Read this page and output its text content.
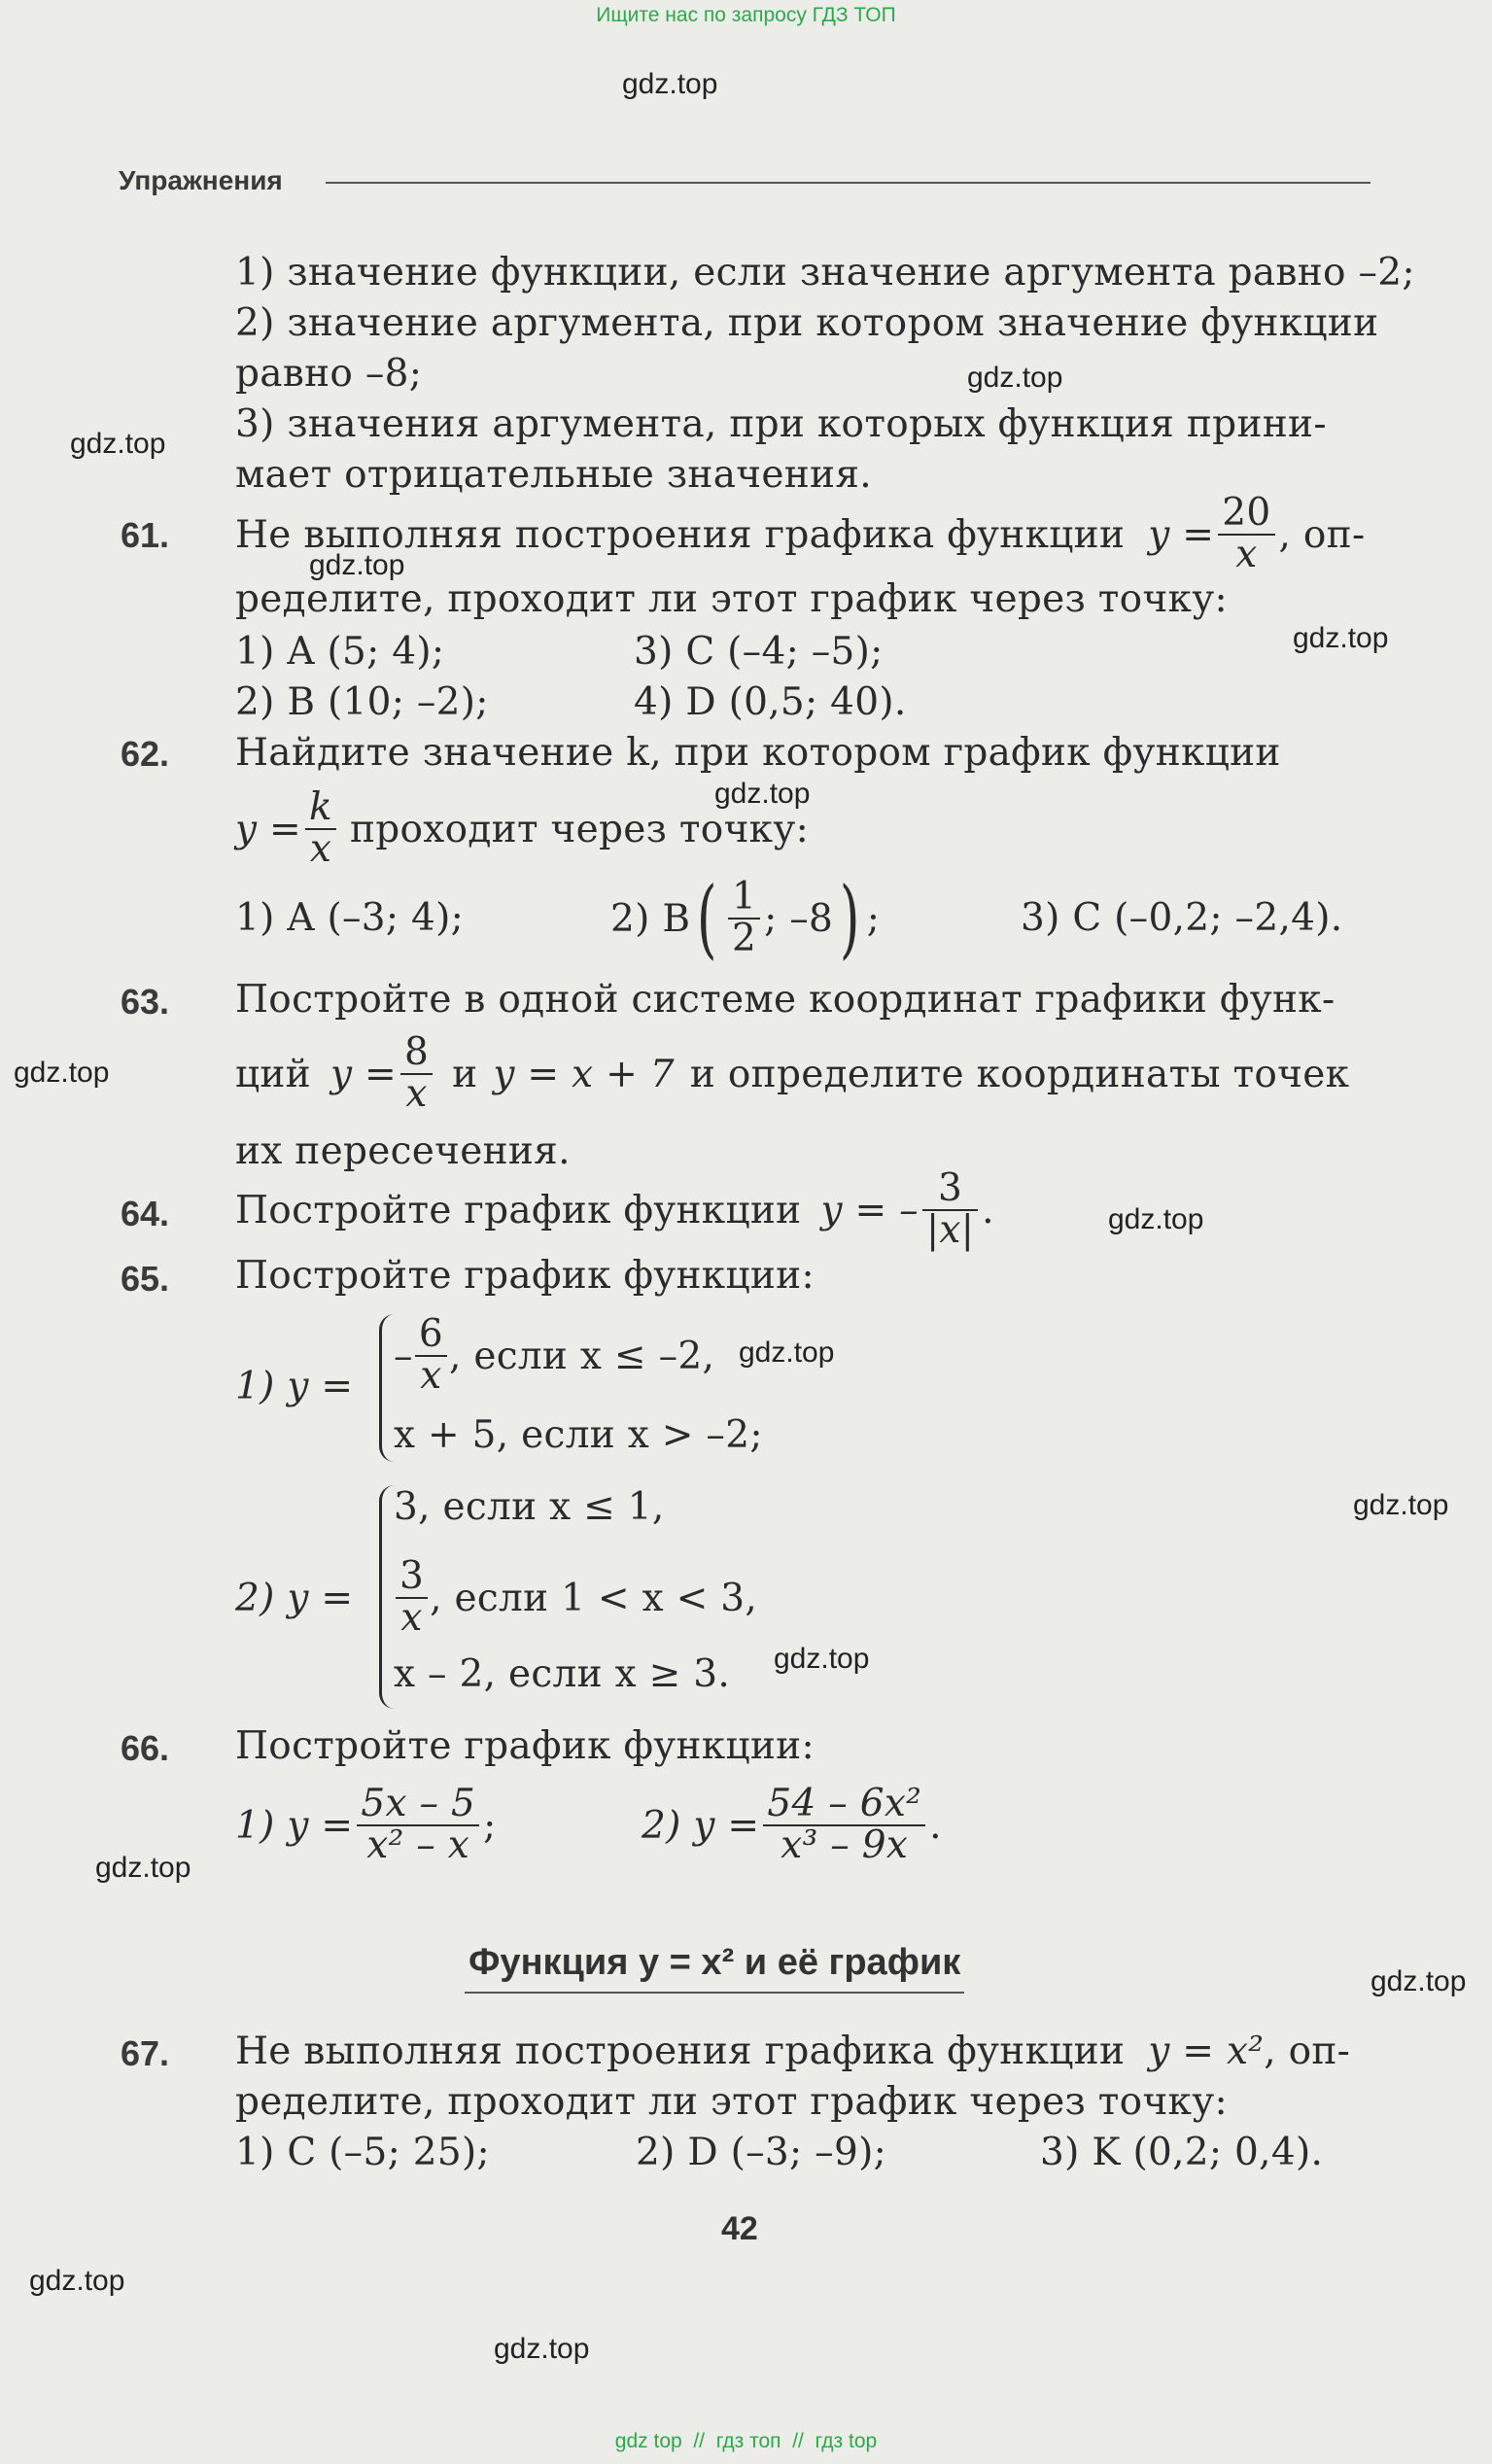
Ищите нас по запросу ГДЗ ТОП
gdz top  //  гдз топ  //  гдз top
gdz.top
gdz.top
gdz.top
gdz.top
gdz.top
gdz.top
gdz.top
gdz.top
gdz.top
gdz.top
gdz.top
gdz.top
gdz.top
gdz.top
gdz.top
Упражнения
1) значение функции, если значение аргумента равно –2;
2) значение аргумента, при котором значение функции
равно –8;
3) значения аргумента, при которых функция прини-
мает отрицательные значения.
61. Не выполняя построения графика функции $y = \frac{20}{x}$ , оп-
ределите, проходит ли этот график через точку:
1) A (5; 4);	3) C (–4; –5);
2) B (10; –2);	4) D (0,5; 40).
62. Найдите значение k, при котором график функции
$y = \frac{k}{x}$ проходит через точку:
1) A (–3; 4);	2) B ( $\frac{1}{2}$ ; –8 ) ;	3) C (–0,2; –2,4).
63. Постройте в одной системе координат графики функ-
ций $y = \frac{8}{x}$ и y = x + 7 и определите координаты точек
их пересечения.
64. Постройте график функции y = – $\frac{3}{|x|}$ .
65. Постройте график функции:
1) y =
– $\frac{6}{x}$ , если x ≤ –2,
x + 5, если x > –2;
2) y =
3, если x ≤ 1,
$\frac{3}{x}$ , если 1 < x < 3,
x – 2, если x ≥ 3.
66. Постройте график функции:
1) $y = \frac{5x - 5}{\text{x² – x}}$ ;	2) $y = \frac{\text{54 – 6x²}}{\text{x³ – 9x}}$ .
Функция y = x² и её график
67. Не выполняя построения графика функции y = x² , оп-
ределите, проходит ли этот график через точку:
1) C (–5; 25);	2) D (–3; –9);	3) K (0,2; 0,4).
42
